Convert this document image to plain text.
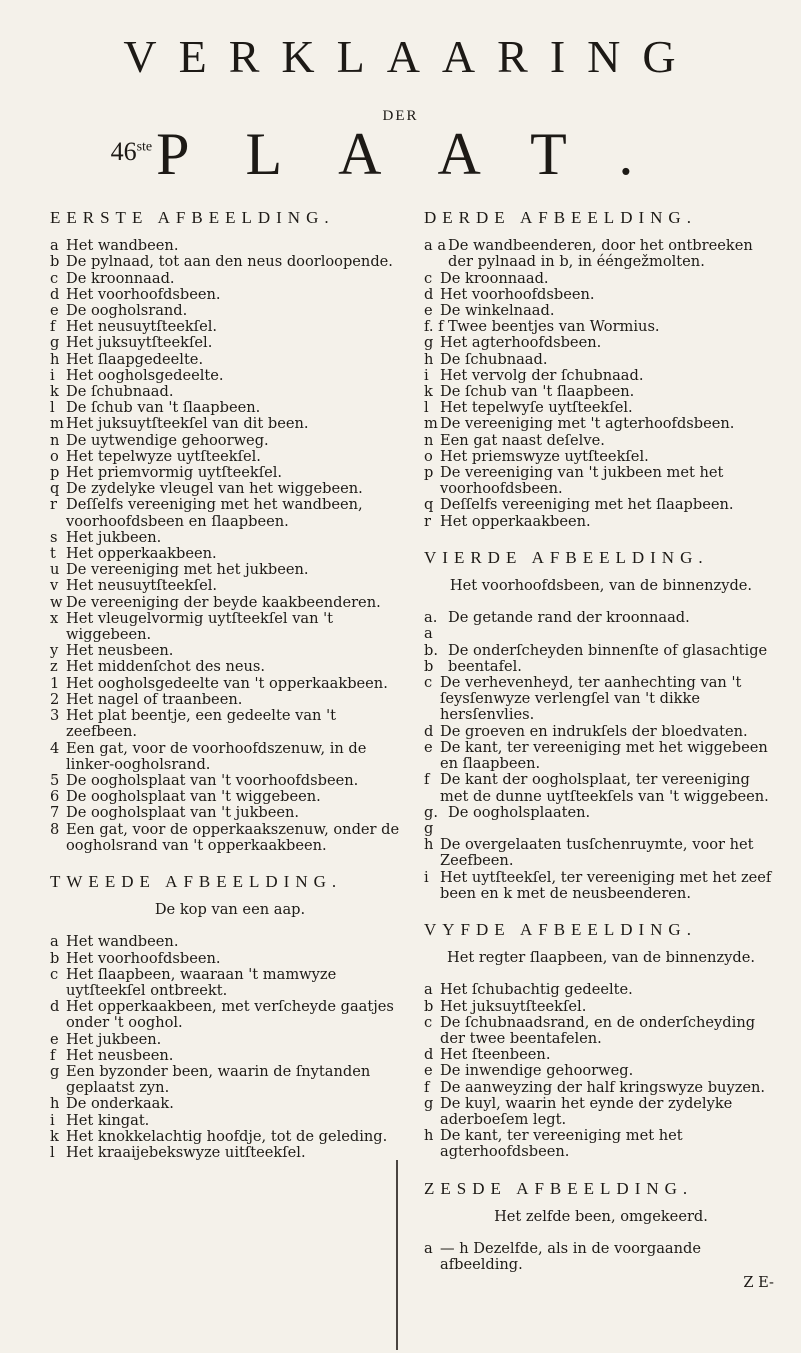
VERKLAARING
DER
46ste PLAAT.
EERSTE AFBEELDING.
a Het wandbeen.
b De pylnaad, tot aan den neus doorloopende.
c De kroonnaad.
d Het voorhoofdsbeen.
e De oogholsrand.
f Het neusuytſteekſel.
g Het juksuytſteekſel.
h Het ſlaapgedeelte.
i Het oogholsgedeelte.
k De ſchubnaad.
l De ſchub van 't ſlaapbeen.
m Het juksuytſteekſel van dit been.
n De uytwendige gehoorweg.
o Het tepelwyze uytſteekſel.
p Het priemvormig uytſteekſel.
q De zydelyke vleugel van het wiggebeen.
r Deſſelfs vereeniging met het wandbeen, voorhoofdsbeen en ſlaapbeen.
s Het jukbeen.
t Het opperkaakbeen.
u De vereeniging met het jukbeen.
v Het neusuytſteekſel.
w De vereeniging der beyde kaakbeenderen.
x Het vleugelvormig uytſteekſel van 't wiggebeen.
y Het neusbeen.
z Het middenſchot des neus.
1 Het oogholsgedeelte van 't opperkaakbeen.
2 Het nagel of traanbeen.
3 Het plat beentje, een gedeelte van 't zeefbeen.
4 Een gat, voor de voorhoofdszenuw, in de linker-oogholsrand.
5 De oogholsplaat van 't voorhoofdsbeen.
6 De oogholsplaat van 't wiggebeen.
7 De oogholsplaat van 't jukbeen.
8 Een gat, voor de opperkaakszenuw, onder de oogholsrand van 't opperkaakbeen.
TWEEDE AFBEELDING.
De kop van een aap.
a Het wandbeen.
b Het voorhoofdsbeen.
c Het ſlaapbeen, waaraan 't mamwyze uytſteekſel ontbreekt.
d Het opperkaakbeen, met verſcheyde gaatjes onder 't ooghol.
e Het jukbeen.
f Het neusbeen.
g Een byzonder been, waarin de ſnytanden geplaatst zyn.
h De onderkaak.
i Het kingat.
k Het knokkelachtig hoofdje, tot de geleding.
l Het kraaijebekswyze uitſteekſel.
DERDE AFBEELDING.
a a De wandbeenderen, door het ontbreeken der pylnaad in b, in ééngežmolten.
c De kroonnaad.
d Het voorhoofdsbeen.
e De winkelnaad.
f. f Twee beentjes van Wormius.
g Het agterhoofdsbeen.
h De ſchubnaad.
i Het vervolg der ſchubnaad.
k De ſchub van 't ſlaapbeen.
l Het tepelwyſe uytſteekſel.
m De vereeniging met 't agterhoofdsbeen.
n Een gat naast deſelve.
o Het priemswyze uytſteekſel.
p De vereeniging van 't jukbeen met het voorhoofdsbeen.
q Deſſelfs vereeniging met het ſlaapbeen.
r Het opperkaakbeen.
VIERDE AFBEELDING.
Het voorhoofdsbeen, van de binnenzyde.
a. a
De getande rand der kroonnaad.
b. b
De onderſcheyden binnenſte of glasachtige beentafel.
c De verhevenheyd, ter aanhechting van 't ſeysſenwyze verlengſel van 't dikke hersſenvlies.
d De groeven en indrukſels der bloedvaten.
e De kant, ter vereeniging met het wiggebeen en ſlaapbeen.
f De kant der oogholsplaat, ter vereeniging met de dunne uytſteekſels van 't wiggebeen.
g. g
De oogholsplaaten.
h De overgelaaten tusſchenruymte, voor het Zeefbeen.
i Het uytſteekſel, ter vereeniging met het zeef been en k met de neusbeenderen.
VYFDE AFBEELDING.
Het regter ſlaapbeen, van de binnenzyde.
a Het ſchubachtig gedeelte.
b Het juksuytſteekſel.
c De ſchubnaadsrand, en de onderſcheyding der twee beentafelen.
d Het ſteenbeen.
e De inwendige gehoorweg.
f De aanweyzing der half kringswyze buyzen.
g De kuyl, waarin het eynde der zydelyke aderboeſem legt.
h De kant, ter vereeniging met het agterhoofdsbeen.
ZESDE AFBEELDING.
Het zelfde been, omgekeerd.
a — h Dezelfde, als in de voorgaande afbeelding.
Z E-
